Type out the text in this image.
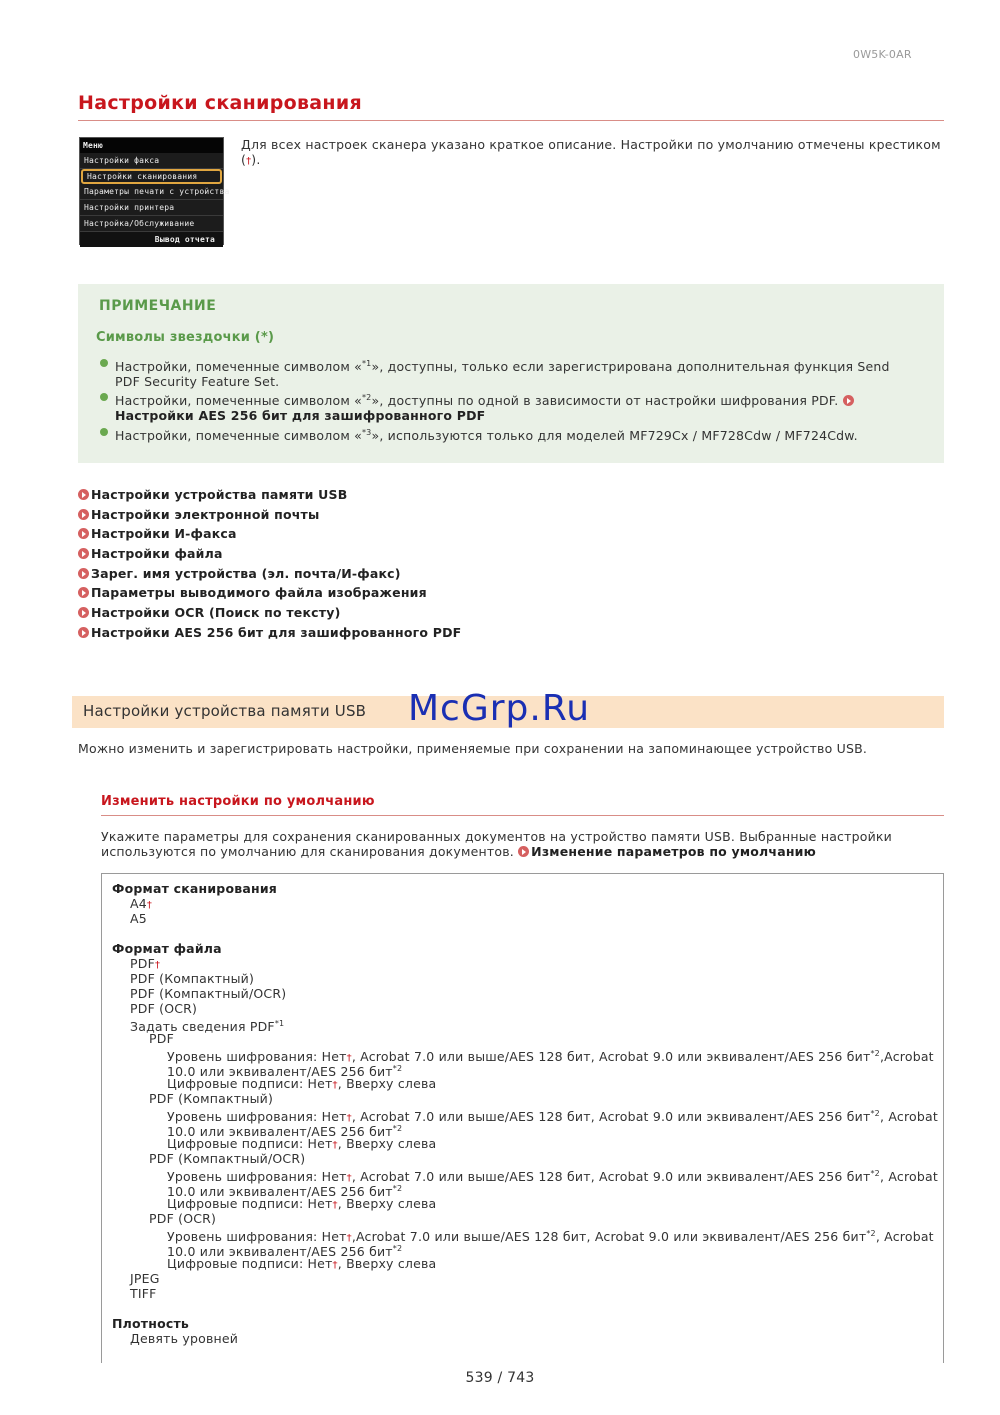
0W5K-0AR
Настройки сканирования
Меню
Настройки факса
Настройки сканирования
Параметры печати с устройства
Настройки принтера
Настройка/Обслуживание
Вывод отчета
Для всех настроек сканера указано краткое описание. Настройки по умолчанию отмечены крестиком (†).
ПРИМЕЧАНИЕ
Символы звездочки (*)
Настройки, помеченные символом «$^{*1}$», доступны, только если зарегистрирована дополнительная функция Send PDF Security Feature Set.
Настройки, помеченные символом «$^{*2}$», доступны по одной в зависимости от настройки шифрования PDF. Настройки AES 256 бит для зашифрованного PDF
Настройки, помеченные символом «$^{*3}$», используются только для моделей MF729Cx / MF728Cdw / MF724Cdw.
Настройки устройства памяти USB
Настройки электронной почты
Настройки И-факса
Настройки файла
Зарег. имя устройства (эл. почта/И-факс)
Параметры выводимого файла изображения
Настройки OCR (Поиск по тексту)
Настройки AES 256 бит для зашифрованного PDF
Настройки устройства памяти USB McGrp.Ru
Можно изменить и зарегистрировать настройки, применяемые при сохранении на запоминающее устройство USB.
Изменить настройки по умолчанию
Укажите параметры для сохранения сканированных документов на устройство памяти USB. Выбранные настройки используются по умолчанию для сканирования документов. Изменение параметров по умолчанию
Формат сканирования
A4†
A5
Формат файла
PDF†
PDF (Компактный)
PDF (Компактный/OCR)
PDF (OCR)
Задать сведения PDF$^{*1}$
PDF
Уровень шифрования: Нет†, Acrobat 7.0 или выше/AES 128 бит, Acrobat 9.0 или эквивалент/AES 256 бит$^{*2}$,Acrobat
10.0 или эквивалент/AES 256 бит$^{*2}$
Цифровые подписи: Нет†, Вверху слева
PDF (Компактный)
Уровень шифрования: Нет†, Acrobat 7.0 или выше/AES 128 бит, Acrobat 9.0 или эквивалент/AES 256 бит$^{*2}$, Acrobat
10.0 или эквивалент/AES 256 бит$^{*2}$
Цифровые подписи: Нет†, Вверху слева
PDF (Компактный/OCR)
Уровень шифрования: Нет†, Acrobat 7.0 или выше/AES 128 бит, Acrobat 9.0 или эквивалент/AES 256 бит$^{*2}$, Acrobat
10.0 или эквивалент/AES 256 бит$^{*2}$
Цифровые подписи: Нет†, Вверху слева
PDF (OCR)
Уровень шифрования: Нет†,Acrobat 7.0 или выше/AES 128 бит, Acrobat 9.0 или эквивалент/AES 256 бит$^{*2}$, Acrobat
10.0 или эквивалент/AES 256 бит$^{*2}$
Цифровые подписи: Нет†, Вверху слева
JPEG
TIFF
Плотность
Девять уровней
539 / 743
